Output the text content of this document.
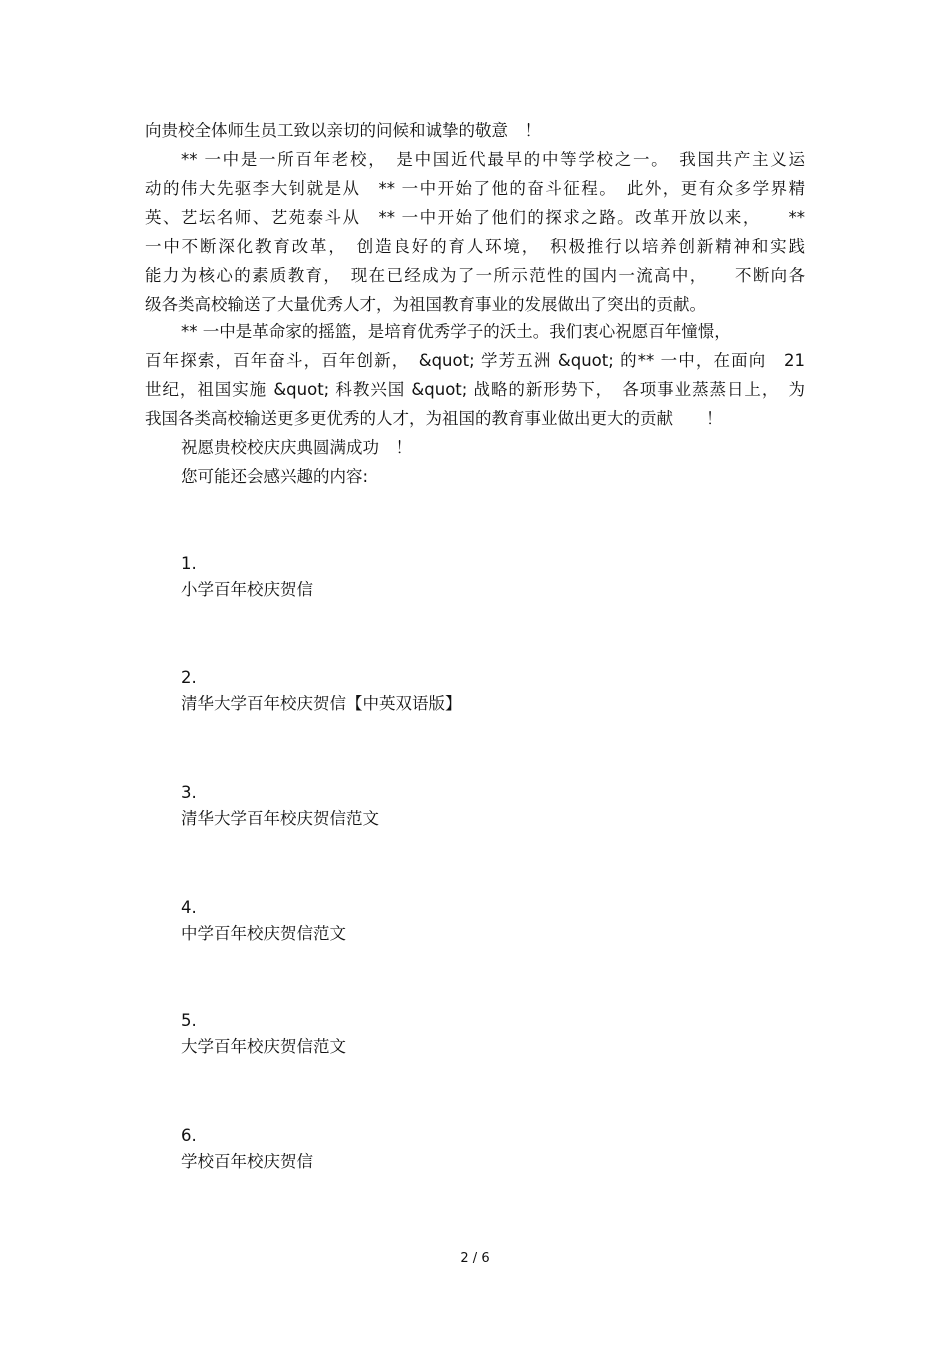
向贵校全体师生员工致以亲切的问候和诚挚的敬意　！
** 一中是一所百年老校，　是中国近代最早的中等学校之一。　我国共产主义运
动的伟大先驱李大钊就是从　** 一中开始了他的奋斗征程。　此外，更有众多学界精
英、艺坛名师、艺苑泰斗从　** 一中开始了他们的探求之路。改革开放以来，　　**
一中不断深化教育改革，　创造良好的育人环境，　积极推行以培养创新精神和实践
能力为核心的素质教育，　现在已经成为了一所示范性的国内一流高中，　　不断向各
级各类高校输送了大量优秀人才，为祖国教育事业的发展做出了突出的贡献。
** 一中是革命家的摇篮，是培育优秀学子的沃土。我们衷心祝愿百年憧憬，
百年探索，百年奋斗，百年创新，　&quot; 学芳五洲 &quot; 的** 一中，在面向　21
世纪，祖国实施 &quot; 科教兴国 &quot; 战略的新形势下，　各项事业蒸蒸日上，　为
我国各类高校输送更多更优秀的人才，为祖国的教育事业做出更大的贡献　　！
祝愿贵校校庆庆典圆满成功　！
您可能还会感兴趣的内容:
1.
小学百年校庆贺信
2.
清华大学百年校庆贺信【中英双语版】
3.
清华大学百年校庆贺信范文
4.
中学百年校庆贺信范文
5.
大学百年校庆贺信范文
6.
学校百年校庆贺信
2 / 6
